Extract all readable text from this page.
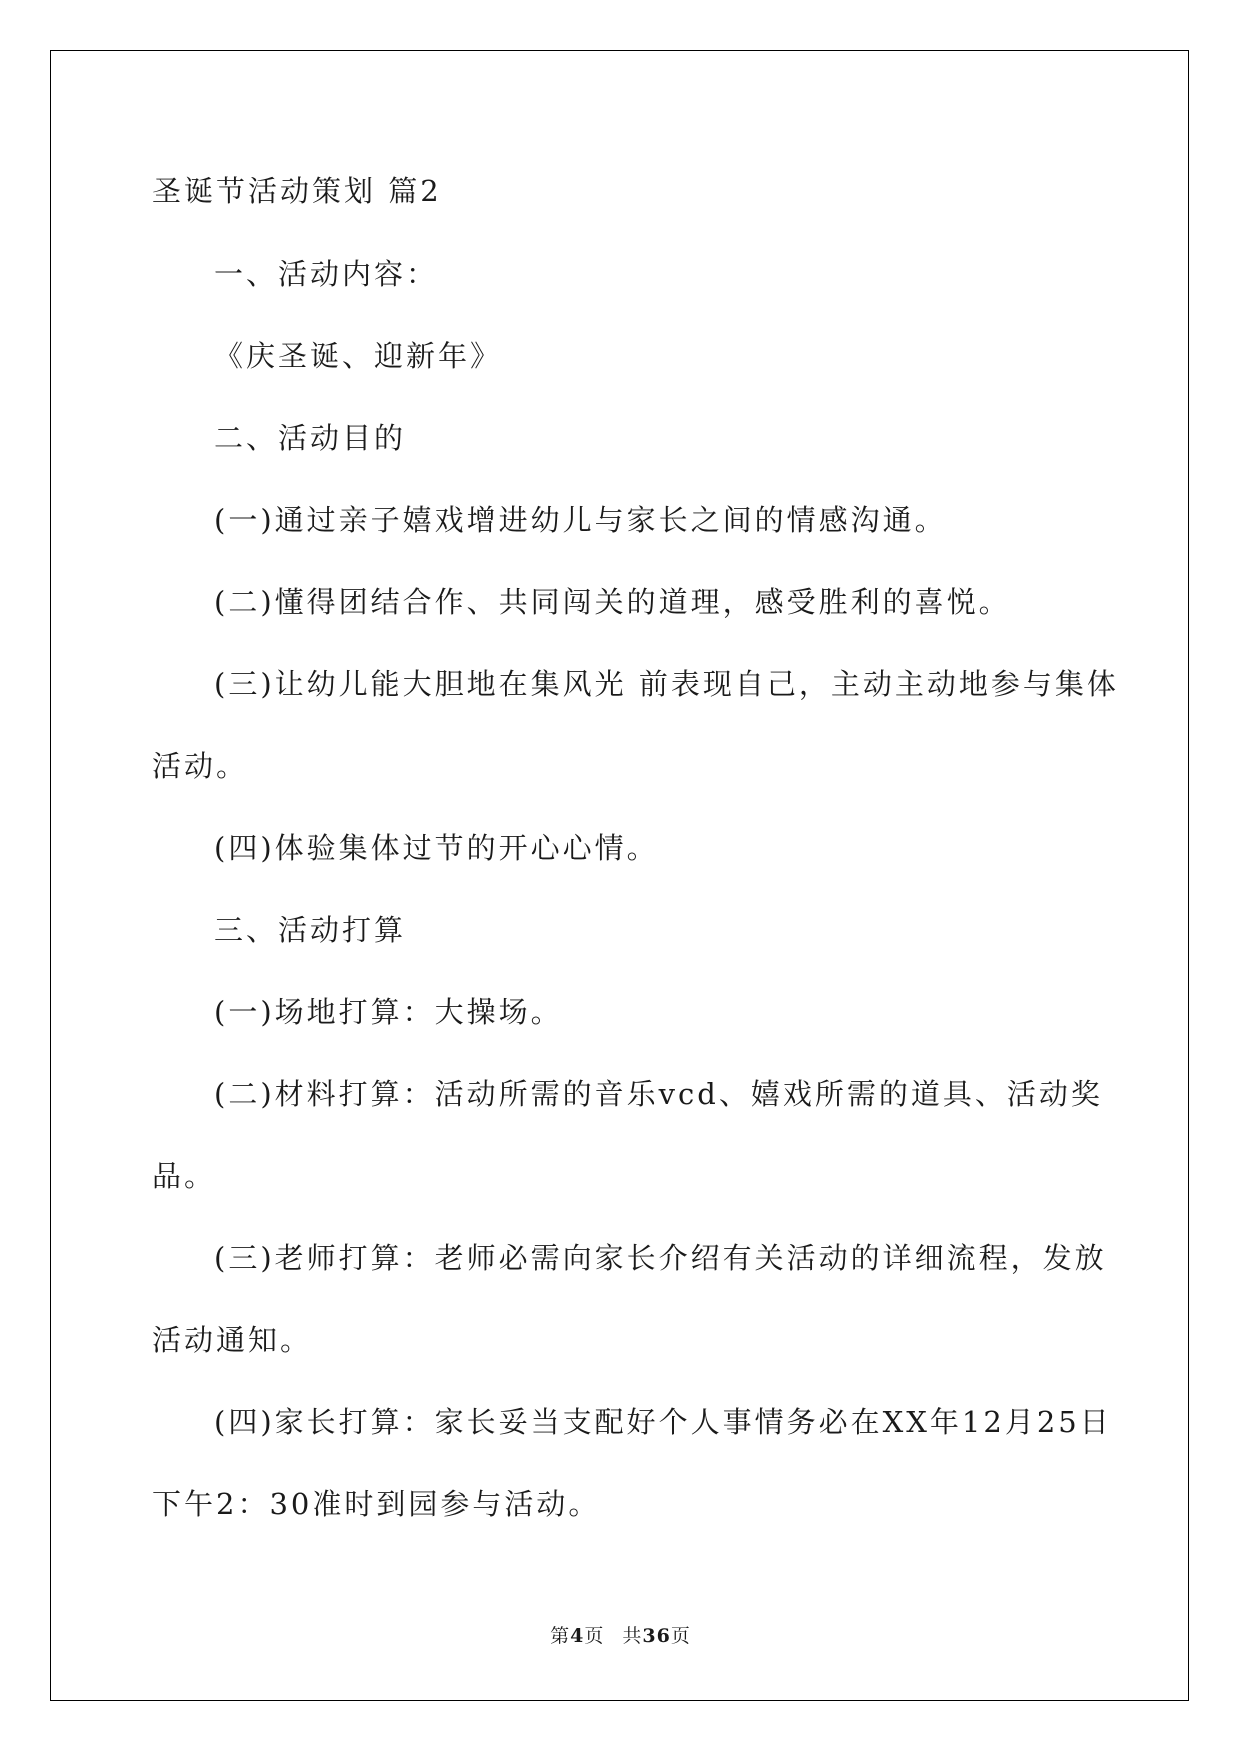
圣诞节活动策划 篇2
一、活动内容：
《庆圣诞、迎新年》
二、活动目的
(一)通过亲子嬉戏增进幼儿与家长之间的情感沟通。
(二)懂得团结合作、共同闯关的道理，感受胜利的喜悦。
(三)让幼儿能大胆地在集风光 前表现自己，主动主动地参与集体
活动。
(四)体验集体过节的开心心情。
三、活动打算
(一)场地打算：大操场。
(二)材料打算：活动所需的音乐vcd、嬉戏所需的道具、活动奖
品。
(三)老师打算：老师必需向家长介绍有关活动的详细流程，发放
活动通知。
(四)家长打算：家长妥当支配好个人事情务必在XX年12月25日
下午2：30准时到园参与活动。
第4页 共36页
